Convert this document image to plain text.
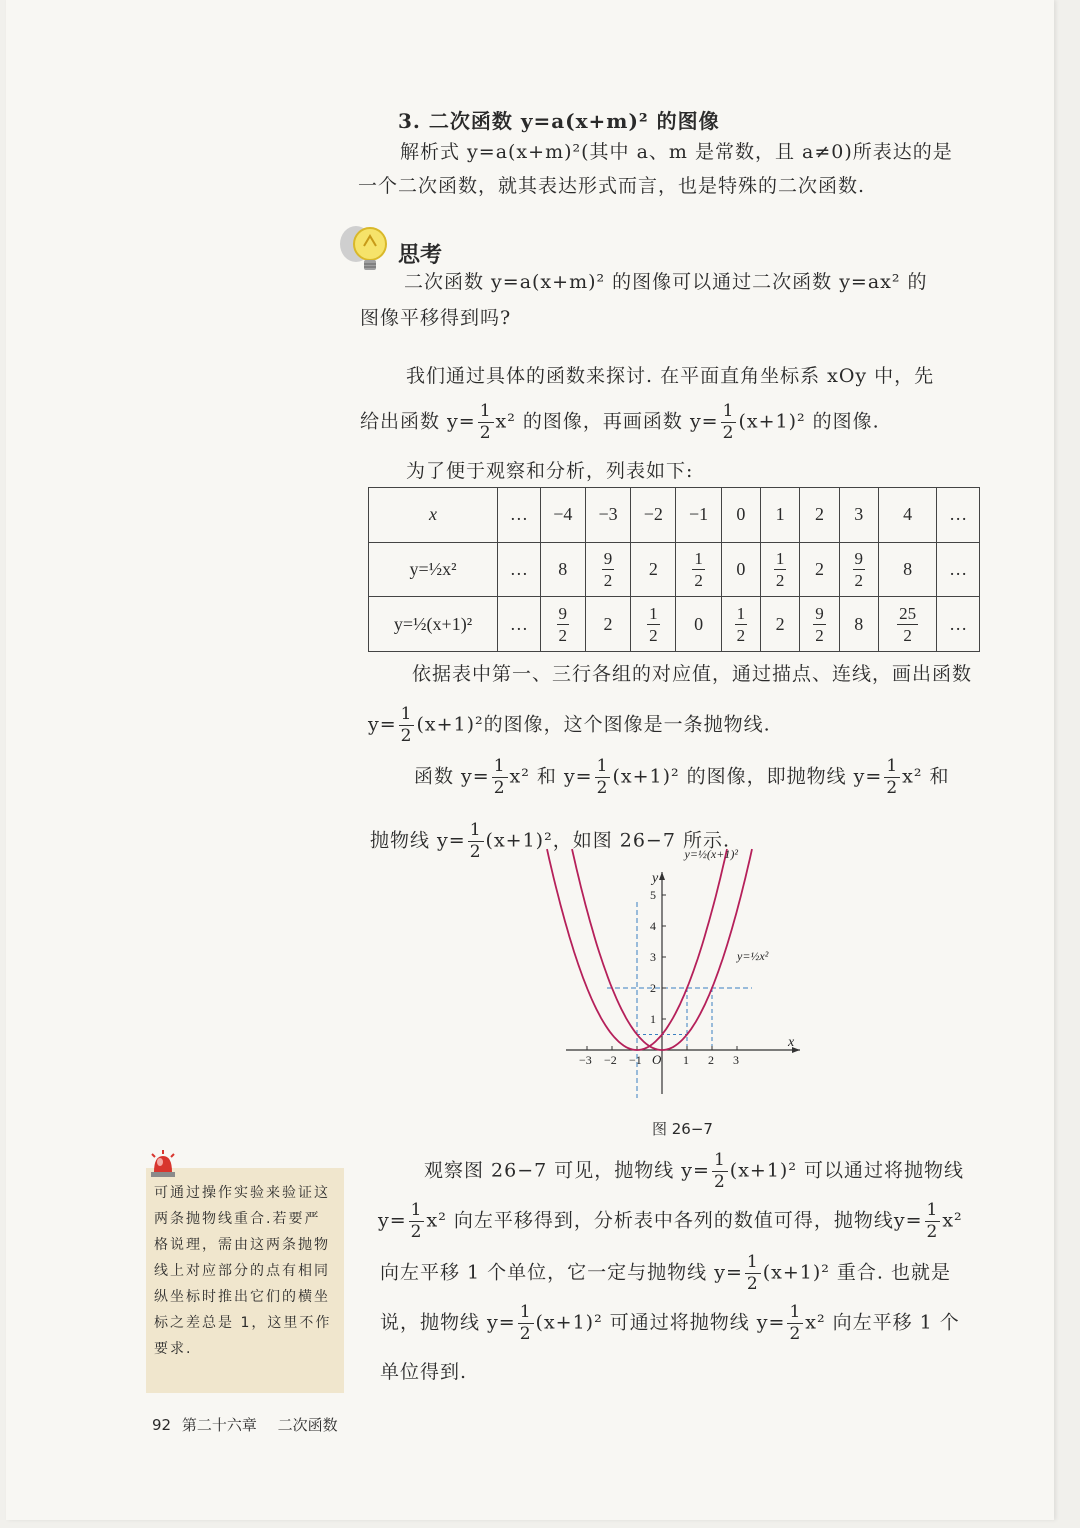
3. 二次函数 y=a(x+m)² 的图像
解析式 y=a(x+m)²(其中 a、m 是常数，且 a≠0)所表达的是
一个二次函数，就其表达形式而言，也是特殊的二次函数.
思考
二次函数 y=a(x+m)² 的图像可以通过二次函数 y=ax² 的
图像平移得到吗?
我们通过具体的函数来探讨. 在平面直角坐标系 xOy 中，先
给出函数 $y= \frac{1}{2} x^2$ 的图像，再画函数 $y= \frac{1}{2} (x+1)^2$ 的图像.
为了便于观察和分析，列表如下:
x	…	−4	−3	−2	−1	0	1	2	3	4	…
y=½x²	…	8	$\frac{9}{2}$	2	$\frac{1}{2}$	0	$\frac{1}{2}$	2	$\frac{9}{2}$	8	…
y=½(x+1)²	…	$\frac{9}{2}$	2	$\frac{1}{2}$	0	$\frac{1}{2}$	2	$\frac{9}{2}$	8	$\frac{25}{2}$	…
依据表中第一、三行各组的对应值，通过描点、连线，画出函数
$y= \frac{1}{2} (x+1)^2$的图像，这个图像是一条抛物线.
函数 $y= \frac{1}{2} x^2$ 和 $y= \frac{1}{2} (x+1)^2$ 的图像，即抛物线 $y= \frac{1}{2} x^2$ 和
抛物线 $y= \frac{1}{2} (x+1)^2$，如图 26−7 所示.
x
y
O
−3 −2 −1	1 2 3
1
2
3
4
5
y=½(x+1)²
y=½x²
图 26−7
可通过操作实验来验证这两条抛物线重合.若要严格说理，需由这两条抛物线上对应部分的点有相同纵坐标时推出它们的横坐标之差总是 1，这里不作要求.
观察图 26−7 可见，抛物线 $y= \frac{1}{2} (x+1)^2$ 可以通过将抛物线
$y= \frac{1}{2} x^2$ 向左平移得到，分析表中各列的数值可得，抛物线$y= \frac{1}{2} x^2$
向左平移 1 个单位，它一定与抛物线 $y= \frac{1}{2} (x+1)^2$ 重合. 也就是
说，抛物线 $y= \frac{1}{2} (x+1)^2$ 可通过将抛物线 $y= \frac{1}{2} x^2$ 向左平移 1 个
单位得到.
92 第二十六章 二次函数
